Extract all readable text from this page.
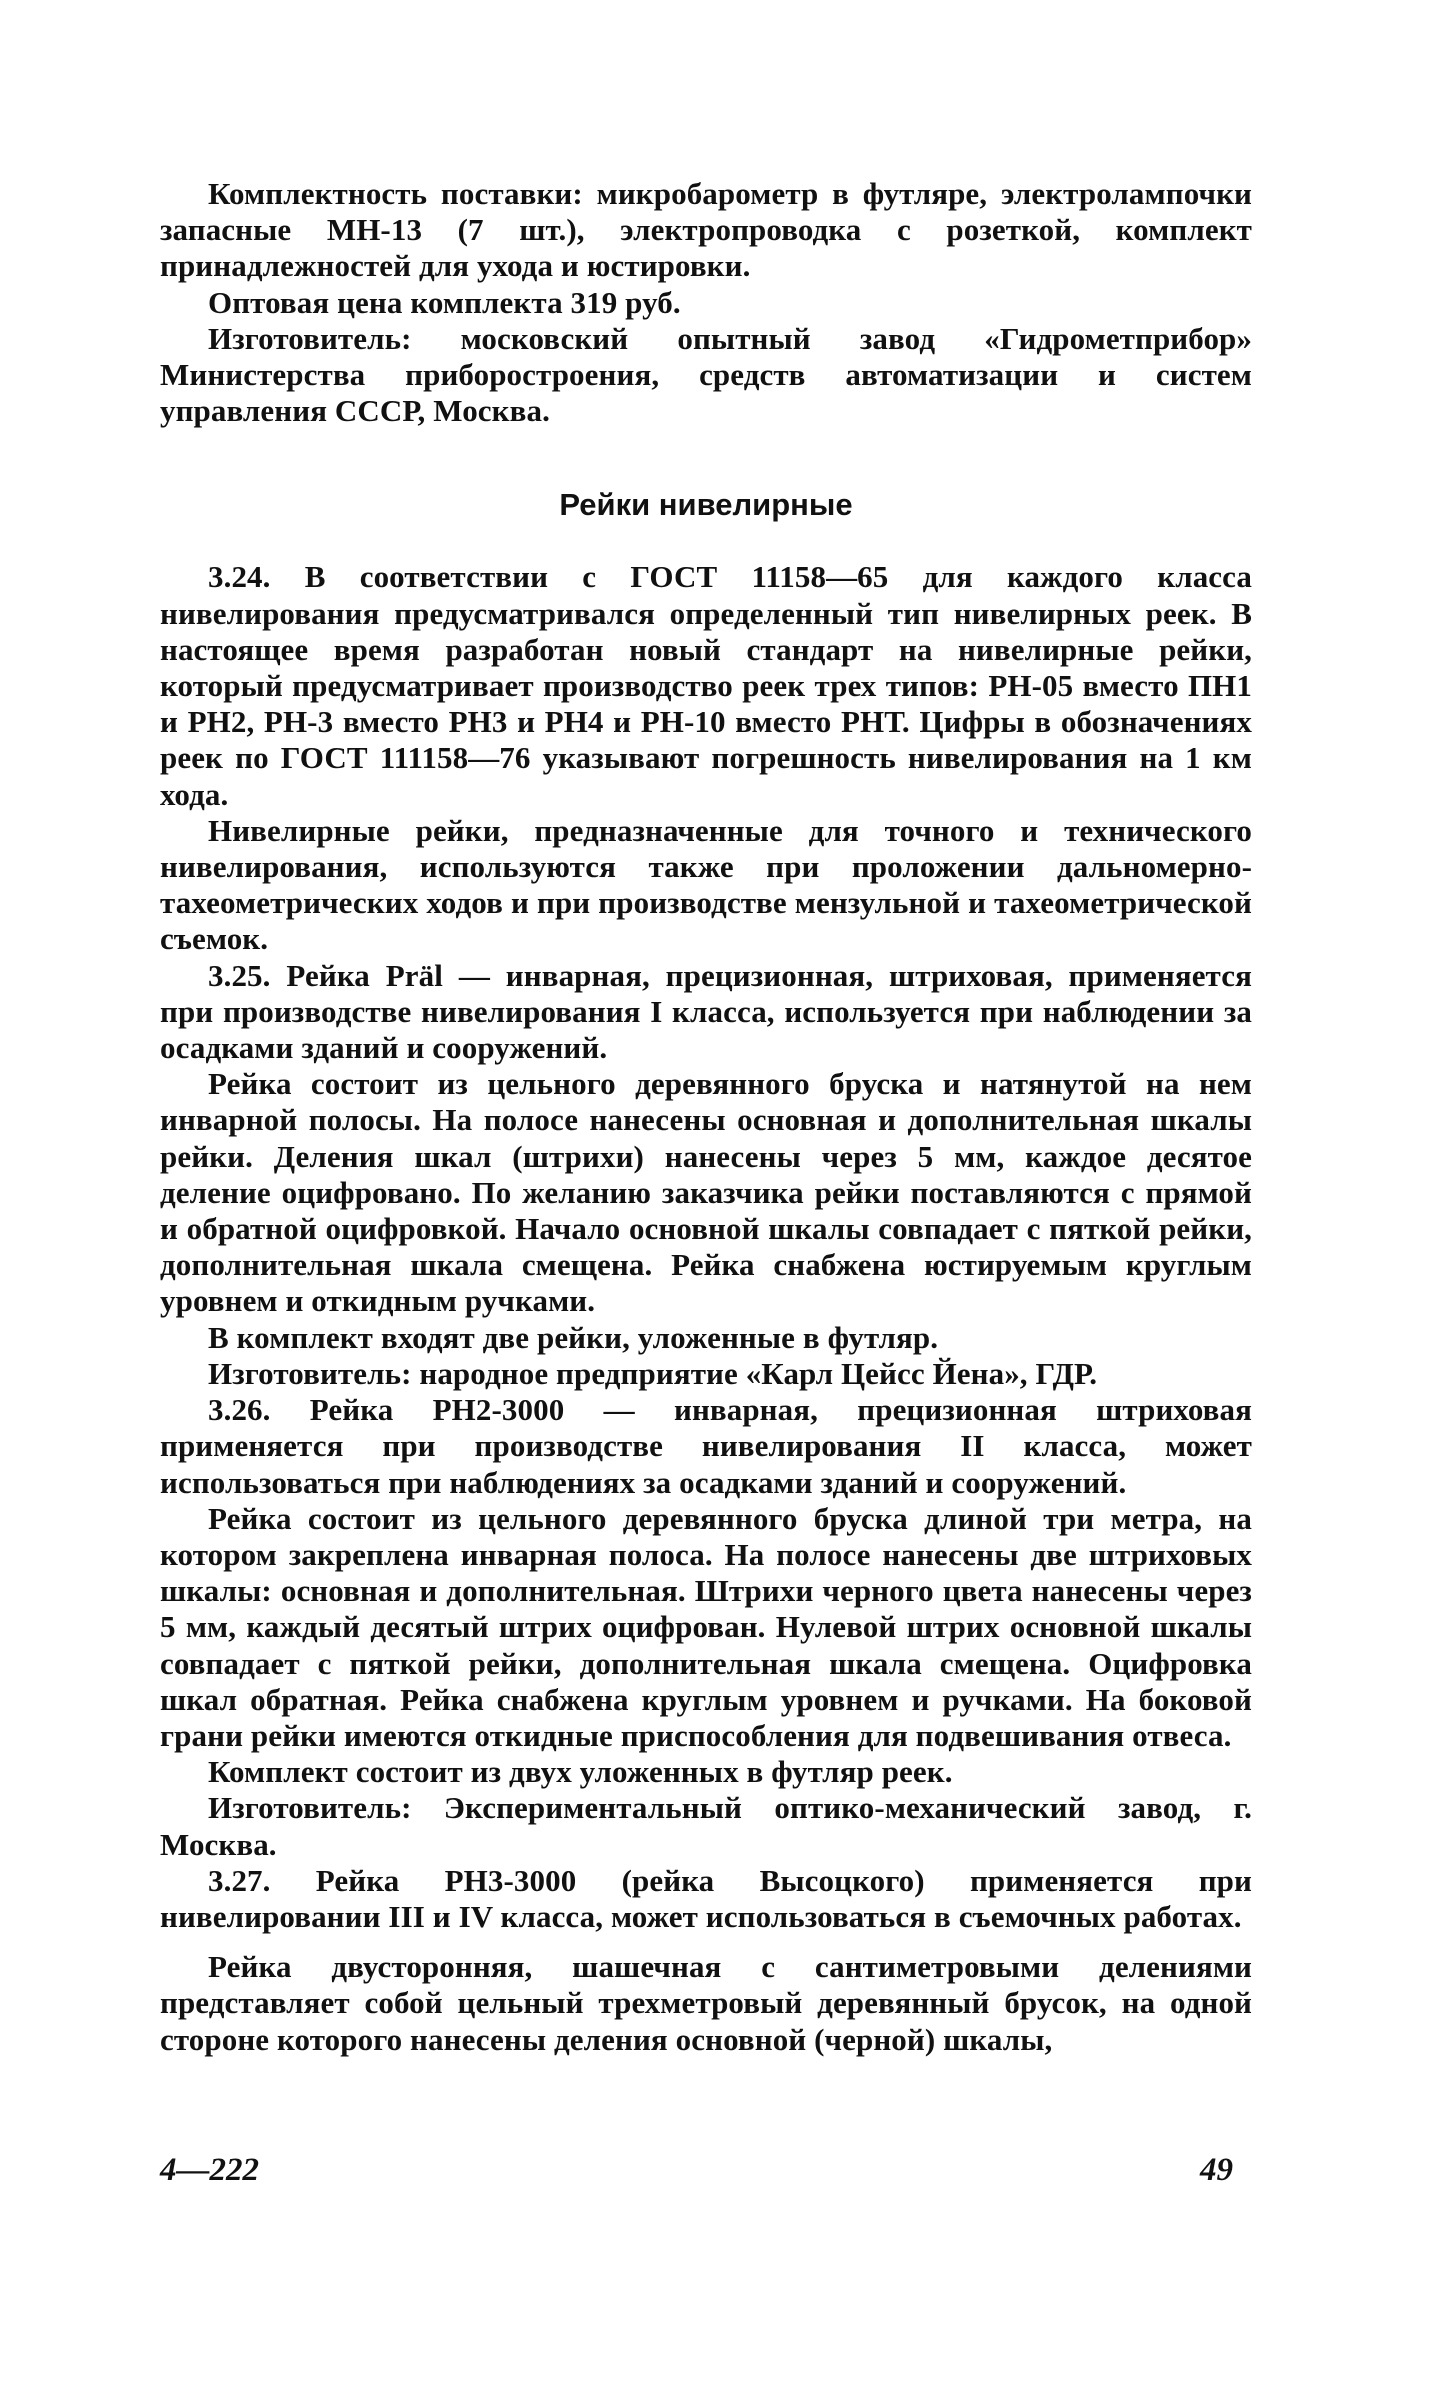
Комплектность поставки: микробарометр в футляре, электролампочки запасные МН-13 (7 шт.), электропроводка с розеткой, комплект принадлежностей для ухода и юстировки.

Оптовая цена комплекта 319 руб.

Изготовитель: московский опытный завод «Гидрометприбор» Министерства приборостроения, средств автоматизации и систем управления СССР, Москва.

Рейки нивелирные

3.24. В соответствии с ГОСТ 11158—65 для каждого класса нивелирования предусматривался определенный тип нивелирных реек. В настоящее время разработан новый стандарт на нивелирные рейки, который предусматривает производство реек трех типов: РН-05 вместо ПН1 и РН2, РН-3 вместо РН3 и РН4 и РН-10 вместо РНТ. Цифры в обозначениях реек по ГОСТ 111158—76 указывают погрешность нивелирования на 1 км хода.

Нивелирные рейки, предназначенные для точного и технического нивелирования, используются также при проложении дальномерно-тахеометрических ходов и при производстве мензульной и тахеометрической съемок.

3.25. Рейка Präl — инварная, прецизионная, штриховая, применяется при производстве нивелирования I класса, используется при наблюдении за осадками зданий и сооружений.

Рейка состоит из цельного деревянного бруска и натянутой на нем инварной полосы. На полосе нанесены основная и дополнительная шкалы рейки. Деления шкал (штрихи) нанесены через 5 мм, каждое десятое деление оцифровано. По желанию заказчика рейки поставляются с прямой и обратной оцифровкой. Начало основной шкалы совпадает с пяткой рейки, дополнительная шкала смещена. Рейка снабжена юстируемым круглым уровнем и откидным ручками.

В комплект входят две рейки, уложенные в футляр.

Изготовитель: народное предприятие «Карл Цейсс Йена», ГДР.

3.26. Рейка РН2-3000 — инварная, прецизионная штриховая применяется при производстве нивелирования II класса, может использоваться при наблюдениях за осадками зданий и сооружений.

Рейка состоит из цельного деревянного бруска длиной три метра, на котором закреплена инварная полоса. На полосе нанесены две штриховых шкалы: основная и дополнительная. Штрихи черного цвета нанесены через 5 мм, каждый десятый штрих оцифрован. Нулевой штрих основной шкалы совпадает с пяткой рейки, дополнительная шкала смещена. Оцифровка шкал обратная. Рейка снабжена круглым уровнем и ручками. На боковой грани рейки имеются откидные приспособления для подвешивания отвеса.

Комплект состоит из двух уложенных в футляр реек.

Изготовитель: Экспериментальный оптико-механический завод, г. Москва.

3.27. Рейка РН3-3000 (рейка Высоцкого) применяется при нивелировании III и IV класса, может использоваться в съемочных работах.

Рейка двусторонняя, шашечная с сантиметровыми делениями представляет собой цельный трехметровый деревянный брусок, на одной стороне которого нанесены деления основной (черной) шкалы,

4—222	49
